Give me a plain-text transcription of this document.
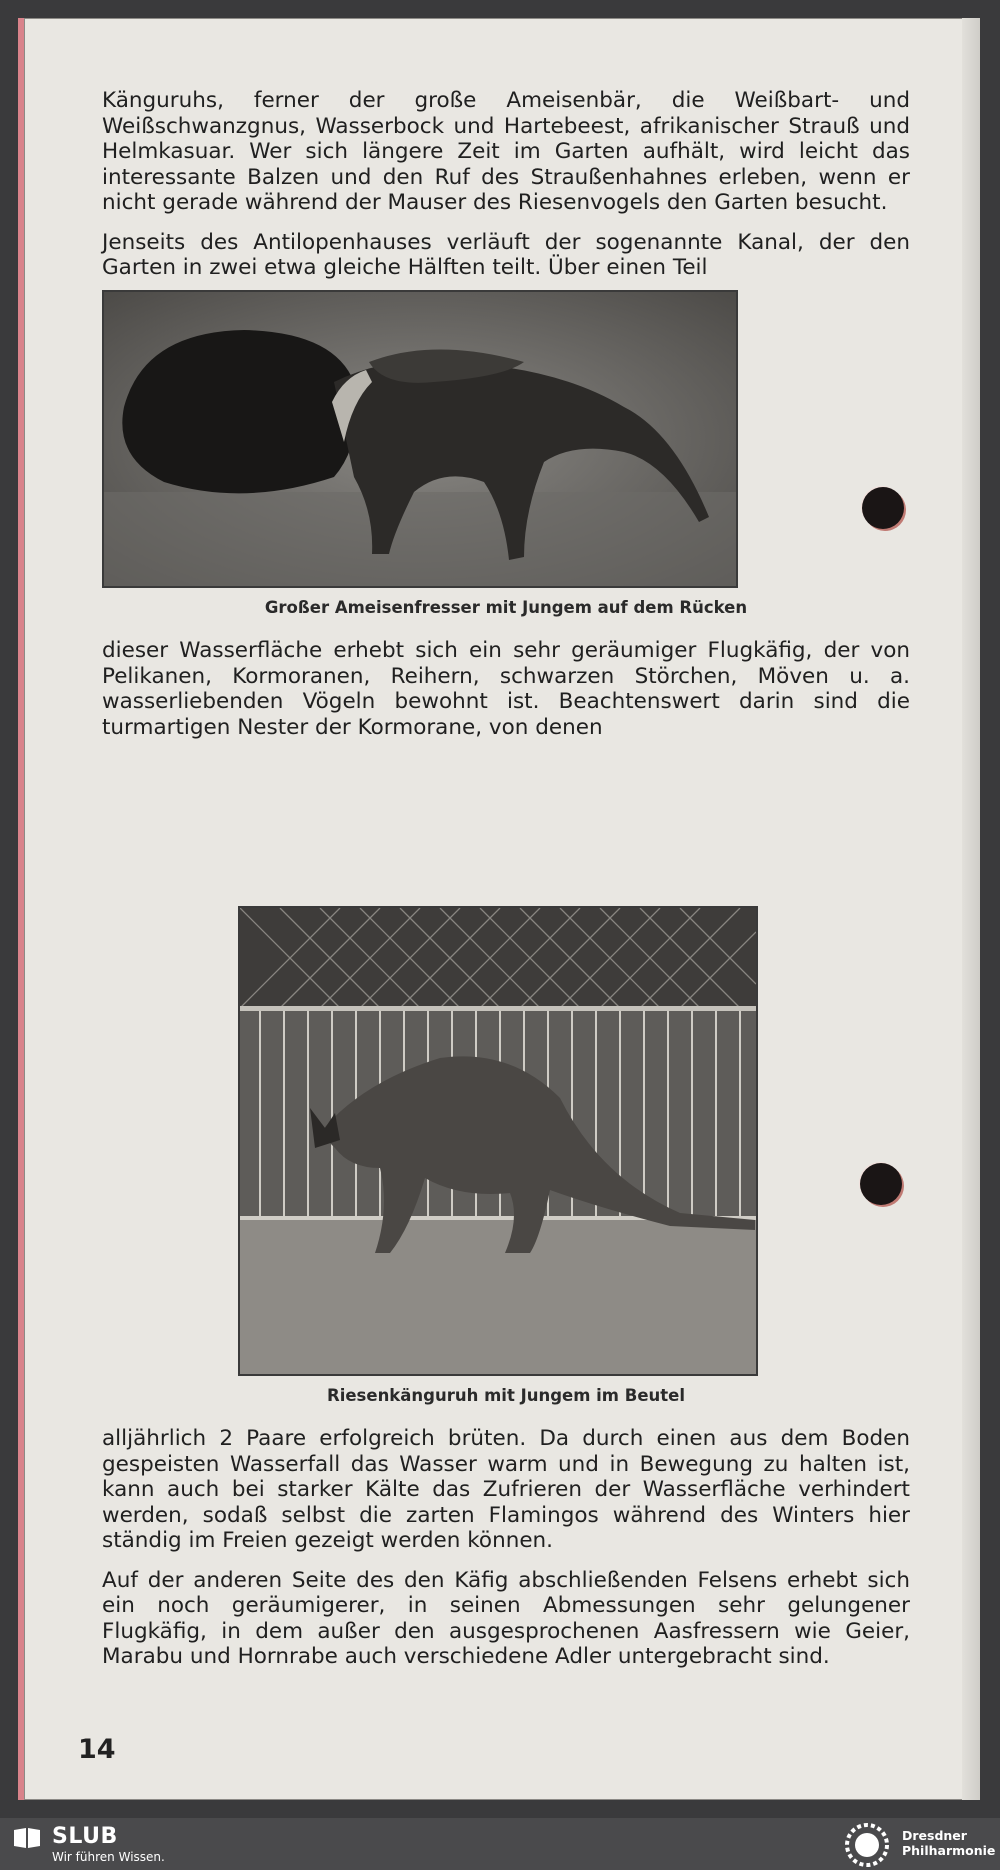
Känguruhs, ferner der große Ameisenbär, die Weißbart- und Weißschwanzgnus, Wasserbock und Hartebeest, afrikanischer Strauß und Helmkasuar. Wer sich längere Zeit im Garten aufhält, wird leicht das interessante Balzen und den Ruf des Straußenhahnes erleben, wenn er nicht gerade während der Mauser des Riesenvogels den Garten besucht.

Jenseits des Antilopenhauses verläuft der sogenannte Kanal, der den Garten in zwei etwa gleiche Hälften teilt. Über einen Teil

Großer Ameisenfresser mit Jungem auf dem Rücken

dieser Wasserfläche erhebt sich ein sehr geräumiger Flugkäfig, der von Pelikanen, Kormoranen, Reihern, schwarzen Störchen, Möven u. a. wasserliebenden Vögeln bewohnt ist. Beachtenswert darin sind die turmartigen Nester der Kormorane, von denen

Riesenkänguruh mit Jungem im Beutel

alljährlich 2 Paare erfolgreich brüten. Da durch einen aus dem Boden gespeisten Wasserfall das Wasser warm und in Bewegung zu halten ist, kann auch bei starker Kälte das Zufrieren der Wasserfläche verhindert werden, sodaß selbst die zarten Flamingos während des Winters hier ständig im Freien gezeigt werden können.

Auf der anderen Seite des den Käfig abschließenden Felsens erhebt sich ein noch geräumigerer, in seinen Abmessungen sehr gelungener Flugkäfig, in dem außer den ausgesprochenen Aasfressern wie Geier, Marabu und Hornrabe auch verschiedene Adler untergebracht sind.

14
SLUB
Wir führen Wissen.
Dresdner
Philharmonie
